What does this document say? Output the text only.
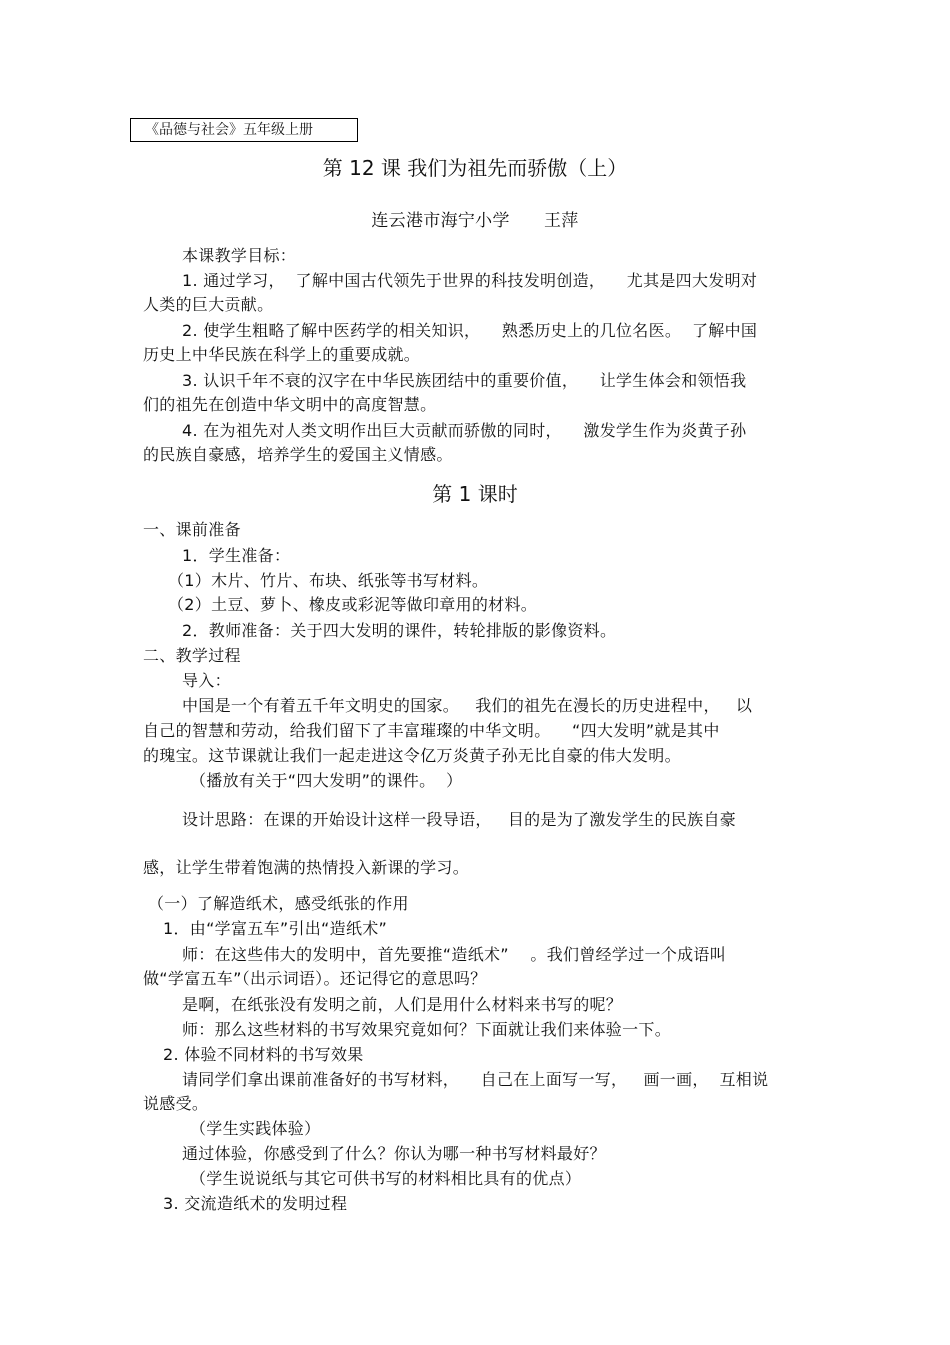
《品德与社会》五年级上册
第 12 课 我们为祖先而骄傲（上）
连云港市海宁小学      王萍
本课教学目标：
1. 通过学习，  了解中国古代领先于世界的科技发明创造，    尤其是四大发明对
人类的巨大贡献。
2. 使学生粗略了解中医药学的相关知识，    熟悉历史上的几位名医。  了解中国
历史上中华民族在科学上的重要成就。
3. 认识千年不衰的汉字在中华民族团结中的重要价值，    让学生体会和领悟我
们的祖先在创造中华文明中的高度智慧。
4. 在为祖先对人类文明作出巨大贡献而骄傲的同时，    激发学生作为炎黄子孙
的民族自豪感，培养学生的爱国主义情感。
第 1 课时
一、课前准备
1．学生准备：
（1）木片、竹片、布块、纸张等书写材料。
（2）土豆、萝卜、橡皮或彩泥等做印章用的材料。
2．教师准备：关于四大发明的课件，转轮排版的影像资料。
二、教学过程
导入：
中国是一个有着五千年文明史的国家。   我们的祖先在漫长的历史进程中，   以
自己的智慧和劳动，给我们留下了丰富璀璨的中华文明。    “四大发明”就是其中
的瑰宝。这节课就让我们一起走进这令亿万炎黄子孙无比自豪的伟大发明。
（播放有关于“四大发明”的课件。  ）
设计思路：在课的开始设计这样一段导语，   目的是为了激发学生的民族自豪
感，让学生带着饱满的热情投入新课的学习。
（一）了解造纸术，感受纸张的作用
1．由“学富五车”引出“造纸术”
师：在这些伟大的发明中，首先要推“造纸术”    。我们曾经学过一个成语叫
做“学富五车”（出示词语）。还记得它的意思吗？
是啊，在纸张没有发明之前，人们是用什么材料来书写的呢？
师：那么这些材料的书写效果究竟如何？下面就让我们来体验一下。
2. 体验不同材料的书写效果
请同学们拿出课前准备好的书写材料，    自己在上面写一写，   画一画，  互相说
说感受。
（学生实践体验）
通过体验，你感受到了什么？你认为哪一种书写材料最好？
（学生说说纸与其它可供书写的材料相比具有的优点）
3. 交流造纸术的发明过程
